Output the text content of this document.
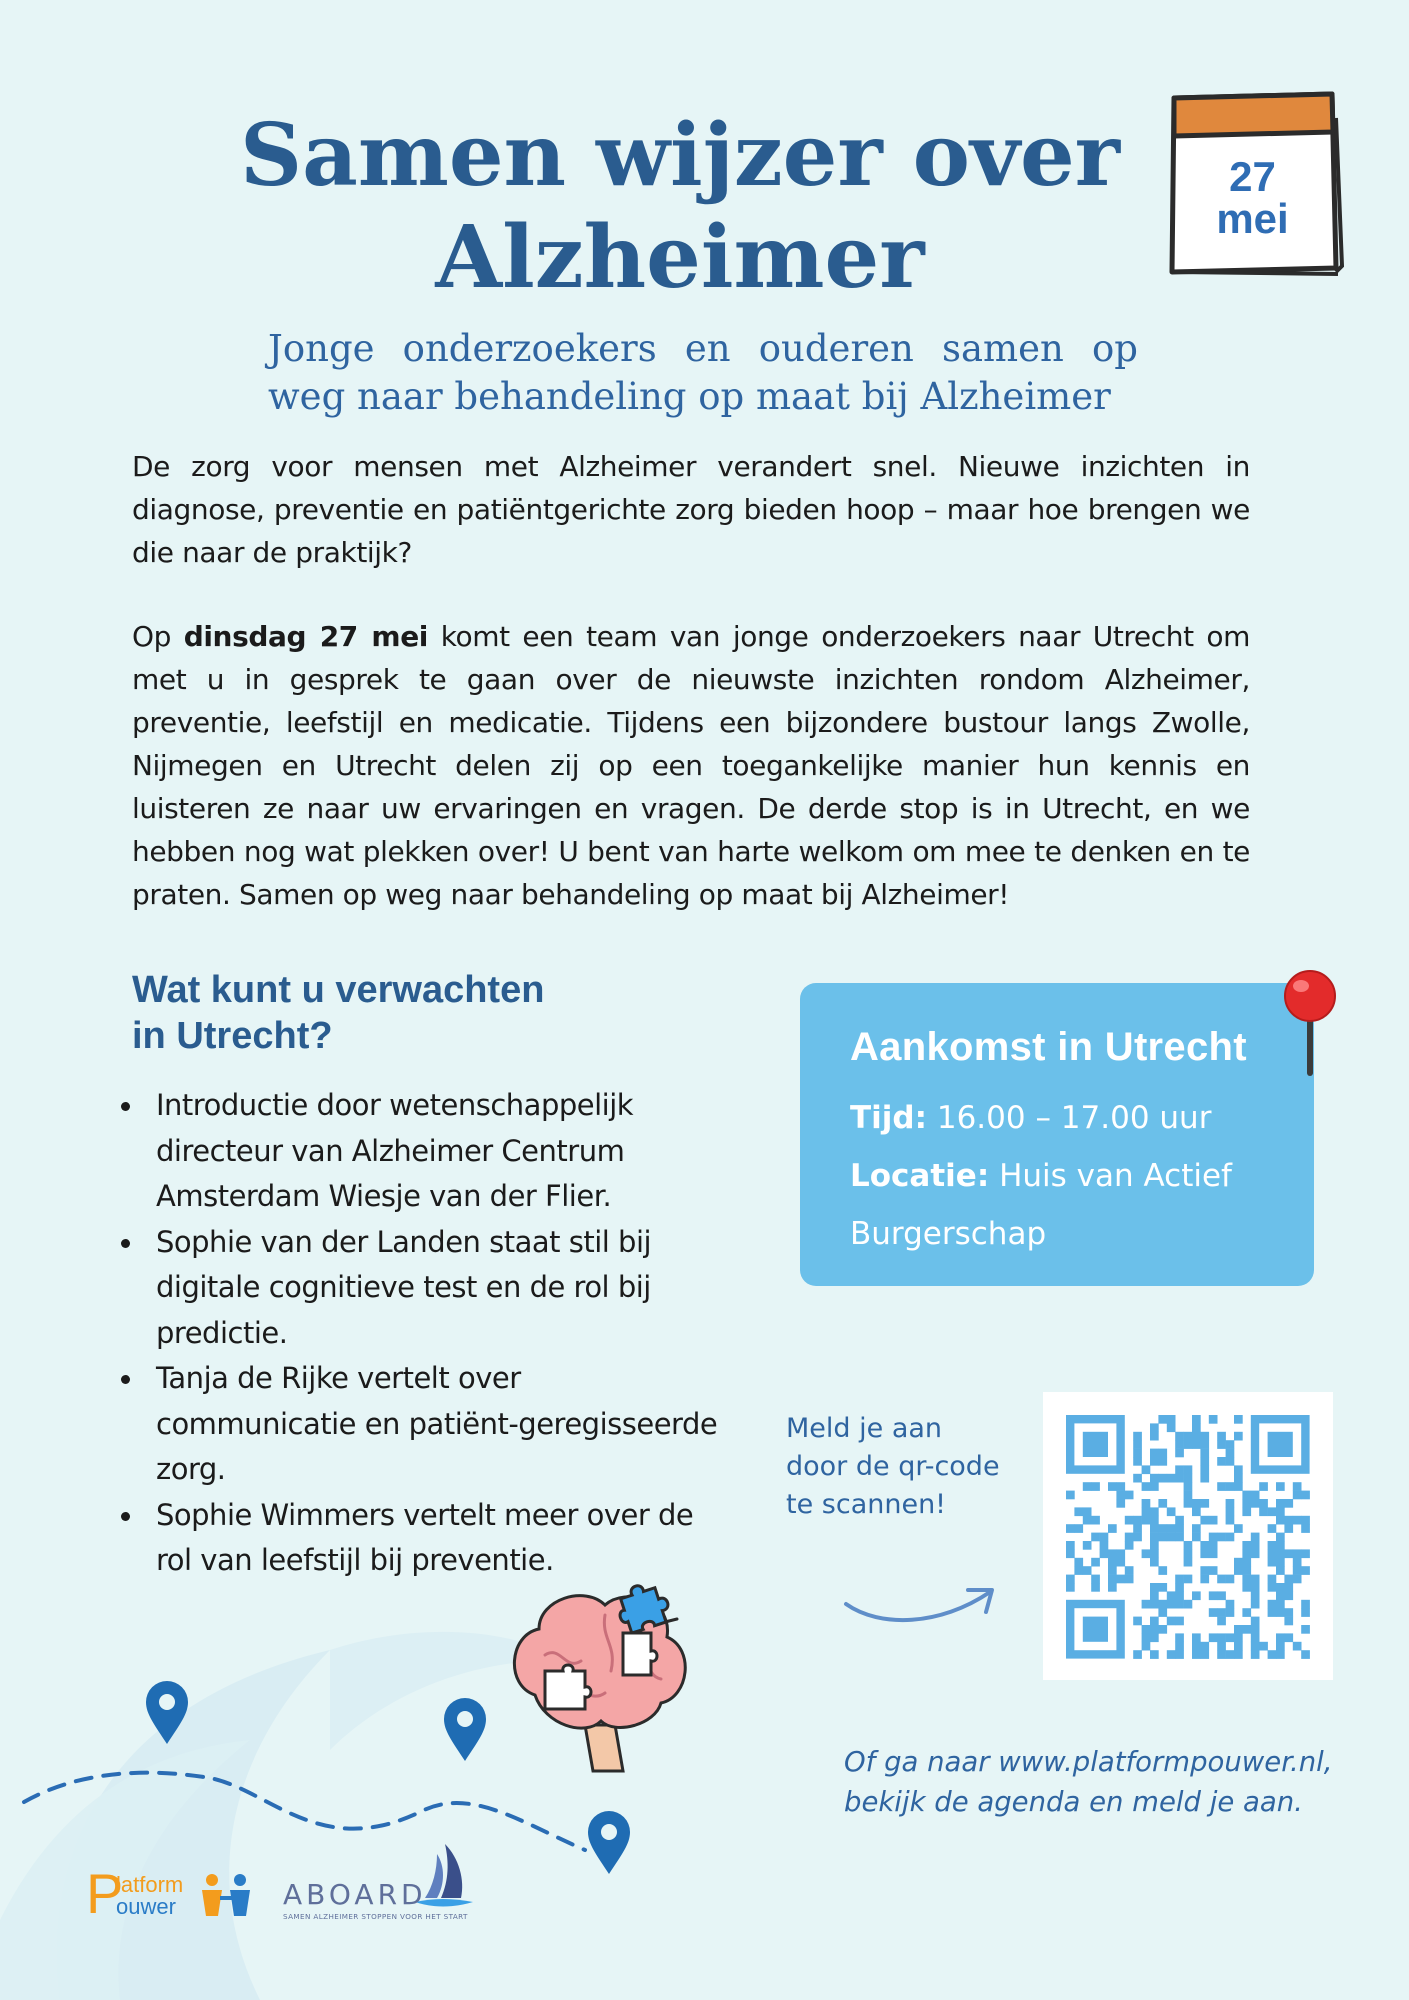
Samen wijzer over
Alzheimer
27
mei
Jonge onderzoekers en ouderen samen op
weg naar behandeling op maat bij Alzheimer

De zorg voor mensen met Alzheimer verandert snel. Nieuwe inzichten in diagnose, preventie en patiëntgerichte zorg bieden hoop – maar hoe brengen we die naar de praktijk?

Op dinsdag 27 mei komt een team van jonge onderzoekers naar Utrecht om met u in gesprek te gaan over de nieuwste inzichten rondom Alzheimer, preventie, leefstijl en medicatie. Tijdens een bijzondere bustour langs Zwolle, Nijmegen en Utrecht delen zij op een toegankelijke manier hun kennis en luisteren ze naar uw ervaringen en vragen. De derde stop is in Utrecht, en we hebben nog wat plekken over! U bent van harte welkom om mee te denken en te praten. Samen op weg naar behandeling op maat bij Alzheimer!

Wat kunt u verwachten
in Utrecht?
Introductie door wetenschappelijk directeur van Alzheimer Centrum Amsterdam Wiesje van der Flier.
Sophie van der Landen staat stil bij digitale cognitieve test en de rol bij predictie.
Tanja de Rijke vertelt over communicatie en patiënt-geregisseerde zorg.
Sophie Wimmers vertelt meer over de rol van leefstijl bij preventie.
Aankomst in Utrecht

Tijd: 16.00 – 17.00 uur

Locatie: Huis van Actief Burgerschap

Meld je aan
door de qr-code
te scannen!
Of ga naar www.platformpouwer.nl,
bekijk de agenda en meld je aan.
P
latform
ouwer	ABOARD
SAMEN ALZHEIMER STOPPEN VOOR HET START
